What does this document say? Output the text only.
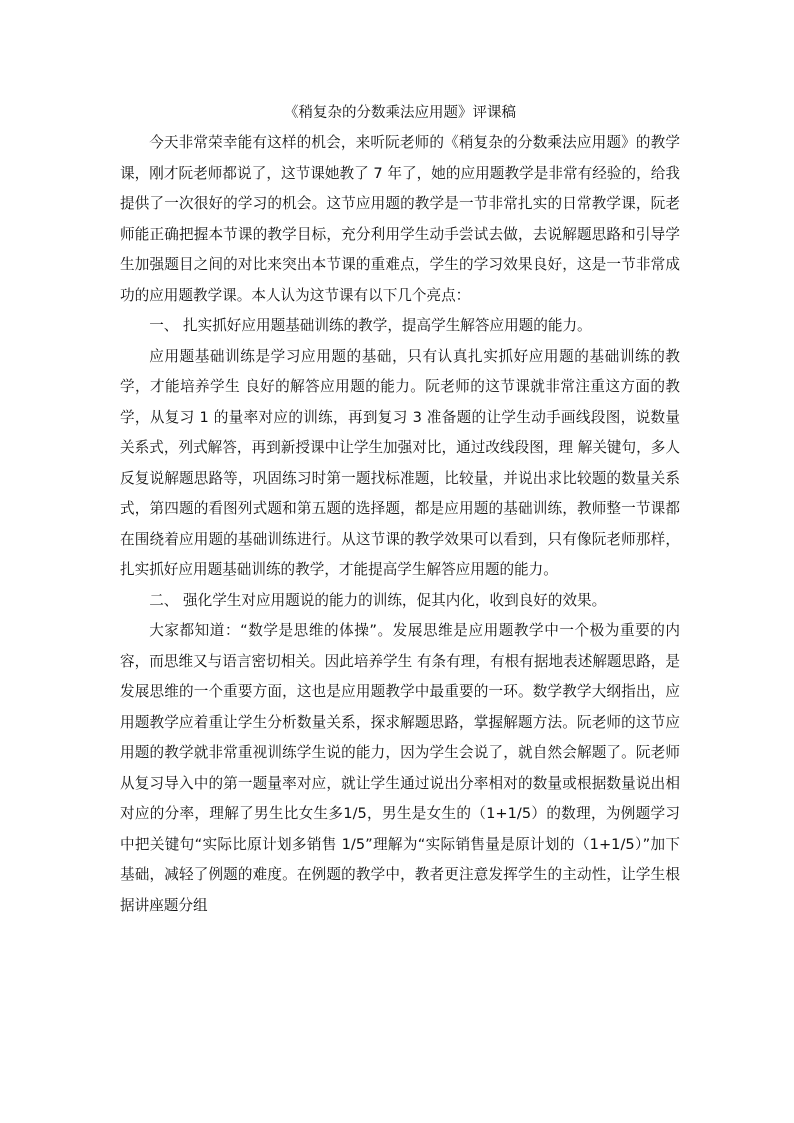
《稍复杂的分数乘法应用题》评课稿

今天非常荣幸能有这样的机会，来听阮老师的《稍复杂的分数乘法应用题》的教学课，刚才阮老师都说了，这节课她教了 7 年了，她的应用题教学是非常有经验的，给我提供了一次很好的学习的机会。这节应用题的教学是一节非常扎实的日常教学课，阮老师能正确把握本节课的教学目标，充分利用学生动手尝试去做，去说解题思路和引导学生加强题目之间的对比来突出本节课的重难点，学生的学习效果良好，这是一节非常成功的应用题教学课。本人认为这节课有以下几个亮点：

一、 扎实抓好应用题基础训练的教学，提高学生解答应用题的能力。

应用题基础训练是学习应用题的基础，只有认真扎实抓好应用题的基础训练的教学，才能培养学生 良好的解答应用题的能力。阮老师的这节课就非常注重这方面的教学，从复习 1 的量率对应的训练，再到复习 3 准备题的让学生动手画线段图，说数量关系式，列式解答，再到新授课中让学生加强对比，通过改线段图，理 解关键句，多人反复说解题思路等，巩固练习时第一题找标准题，比较量，并说出求比较题的数量关系式，第四题的看图列式题和第五题的选择题，都是应用题的基础训练，教师整一节课都在围绕着应用题的基础训练进行。从这节课的教学效果可以看到，只有像阮老师那样，扎实抓好应用题基础训练的教学，才能提高学生解答应用题的能力。

二、 强化学生对应用题说的能力的训练，促其内化，收到良好的效果。

大家都知道：“数学是思维的体操”。发展思维是应用题教学中一个极为重要的内容，而思维又与语言密切相关。因此培养学生 有条有理，有根有据地表述解题思路，是发展思维的一个重要方面，这也是应用题教学中最重要的一环。数学教学大纲指出，应用题教学应着重让学生分析数量关系，探求解题思路，掌握解题方法。阮老师的这节应用题的教学就非常重视训练学生说的能力，因为学生会说了，就自然会解题了。阮老师从复习导入中的第一题量率对应，就让学生通过说出分率相对的数量或根据数量说出相对应的分率，理解了男生比女生多1/5，男生是女生的（1+1/5）的数理，为例题学习中把关键句“实际比原计划多销售 1/5”理解为“实际销售量是原计划的（1+1/5）”加下基础，减轻了例题的难度。在例题的教学中，教者更注意发挥学生的主动性，让学生根据讲座题分组
